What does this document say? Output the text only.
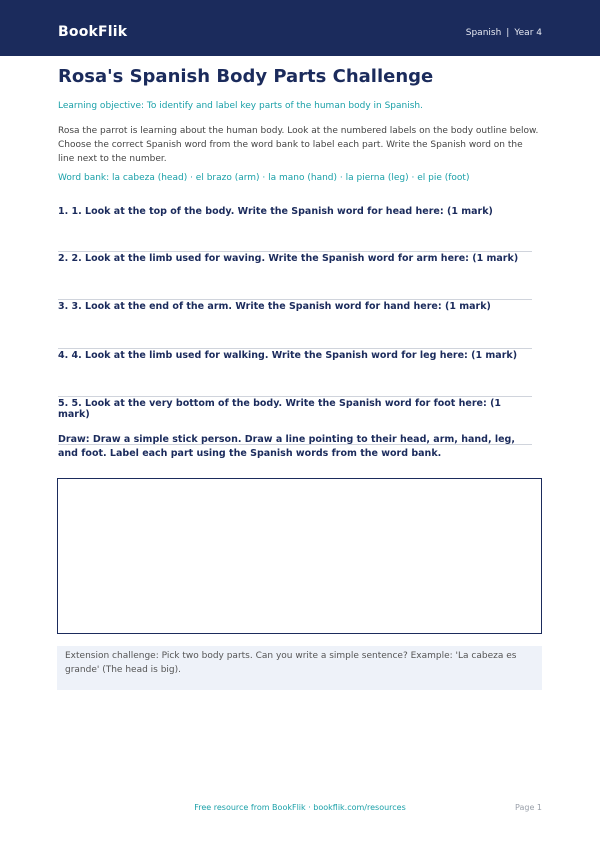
BookFlik	Spanish | Year 4
Rosa's Spanish Body Parts Challenge
Learning objective: To identify and label key parts of the human body in Spanish.
Rosa the parrot is learning about the human body. Look at the numbered labels on the body outline below. Choose the correct Spanish word from the word bank to label each part. Write the Spanish word on the line next to the number.
Word bank: la cabeza (head) · el brazo (arm) · la mano (hand) · la pierna (leg) · el pie (foot)
1. 1. Look at the top of the body. Write the Spanish word for head here: (1 mark)
2. 2. Look at the limb used for waving. Write the Spanish word for arm here: (1 mark)
3. 3. Look at the end of the arm. Write the Spanish word for hand here: (1 mark)
4. 4. Look at the limb used for walking. Write the Spanish word for leg here: (1 mark)
5. 5. Look at the very bottom of the body. Write the Spanish word for foot here: (1 mark)
Draw: Draw a simple stick person. Draw a line pointing to their head, arm, hand, leg, and foot. Label each part using the Spanish words from the word bank.
Extension challenge: Pick two body parts. Can you write a simple sentence? Example: 'La cabeza es grande' (The head is big).
Free resource from BookFlik · bookflik.com/resources	Page 1
